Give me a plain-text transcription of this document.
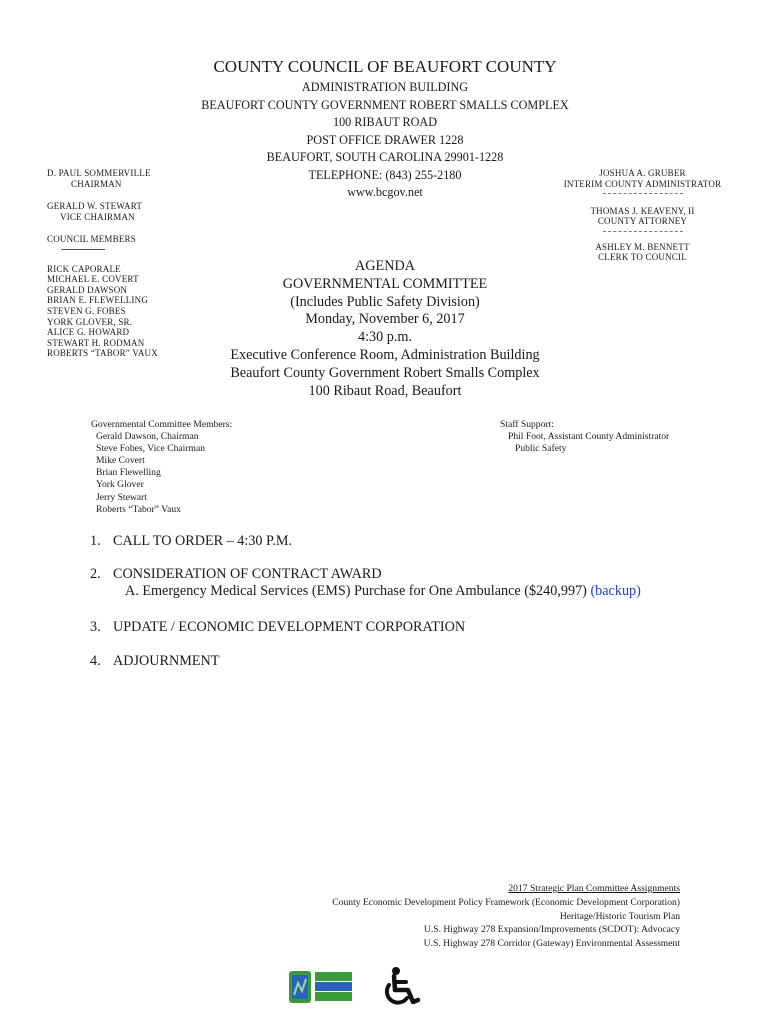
COUNTY COUNCIL OF BEAUFORT COUNTY
ADMINISTRATION BUILDING
BEAUFORT COUNTY GOVERNMENT ROBERT SMALLS COMPLEX
100 RIBAUT ROAD
POST OFFICE DRAWER 1228
BEAUFORT, SOUTH CAROLINA 29901-1228
TELEPHONE: (843) 255-2180
www.bcgov.net
D. PAUL SOMMERVILLE
CHAIRMAN
GERALD W. STEWART
VICE CHAIRMAN
COUNCIL MEMBERS
RICK CAPORALE
MICHAEL E. COVERT
GERALD DAWSON
BRIAN E. FLEWELLING
STEVEN G. FOBES
YORK GLOVER, SR.
ALICE G. HOWARD
STEWART H. RODMAN
ROBERTS “TABOR” VAUX
JOSHUA A. GRUBER
INTERIM COUNTY ADMINISTRATOR
THOMAS J. KEAVENY, II
COUNTY ATTORNEY
ASHLEY M. BENNETT
CLERK TO COUNCIL
AGENDA
GOVERNMENTAL COMMITTEE
(Includes Public Safety Division)
Monday, November 6, 2017
4:30 p.m.
Executive Conference Room, Administration Building
Beaufort County Government Robert Smalls Complex
100 Ribaut Road, Beaufort
Governmental Committee Members:
Gerald Dawson, Chairman
Steve Fobes, Vice Chairman
Mike Covert
Brian Flewelling
York Glover
Jerry Stewart
Roberts “Tabor” Vaux
Staff Support:
Phil Foot, Assistant County Administrator
Public Safety
1. CALL TO ORDER – 4:30 P.M.
2. CONSIDERATION OF CONTRACT AWARD
A. Emergency Medical Services (EMS) Purchase for One Ambulance ($240,997) (backup)
3. UPDATE / ECONOMIC DEVELOPMENT CORPORATION
4. ADJOURNMENT
2017 Strategic Plan Committee Assignments
County Economic Development Policy Framework (Economic Development Corporation)
Heritage/Historic Tourism Plan
U.S. Highway 278 Expansion/Improvements (SCDOT): Advocacy
U.S. Highway 278 Corridor (Gateway) Environmental Assessment
